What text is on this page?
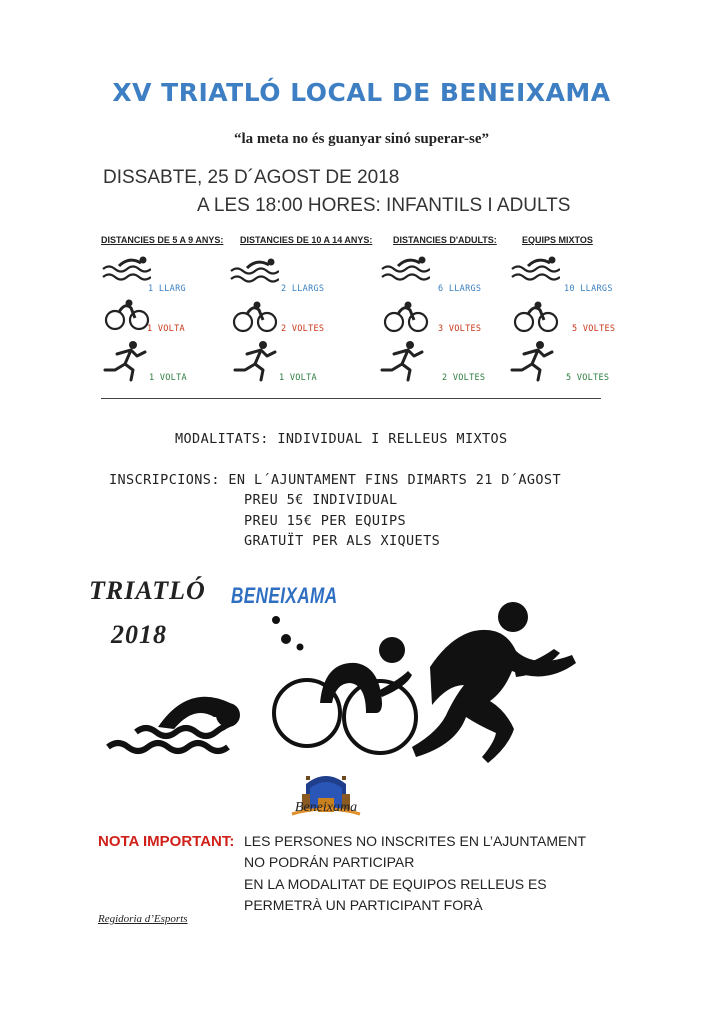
XV TRIATLÓ LOCAL DE BENEIXAMA
“la meta no és guanyar sinó superar-se”
DISSABTE, 25 D´AGOST DE 2018
A LES 18:00 HORES: INFANTILS I ADULTS
DISTANCIES DE 5 A 9 ANYS: DISTANCIES DE 10 A 14 ANYS: DISTANCIES D'ADULTS:	EQUIPS MIXTOS
1 LLARG
1 VOLTA
1 VOLTA
2 LLARGS
2 VOLTES
1 VOLTA
6 LLARGS
3 VOLTES
2 VOLTES
10 LLARGS
5 VOLTES
5 VOLTES
MODALITATS: INDIVIDUAL I RELLEUS MIXTOS
INSCRIPCIONS: EN L´AJUNTAMENT FINS DIMARTS 21 D´AGOST
PREU 5€ INDIVIDUAL
PREU 15€ PER EQUIPS
GRATUÏT PER ALS XIQUETS
TRIATLÓ BENEIXAMA
2018
Beneixama
NOTA IMPORTANT: LES PERSONES NO INSCRITES EN L’AJUNTAMENT
NO PODRÁN PARTICIPAR
EN LA MODALITAT DE EQUIPOS RELLEUS ES
PERMETRÀ UN PARTICIPANT FORÀ
Regidoria d’Esports
